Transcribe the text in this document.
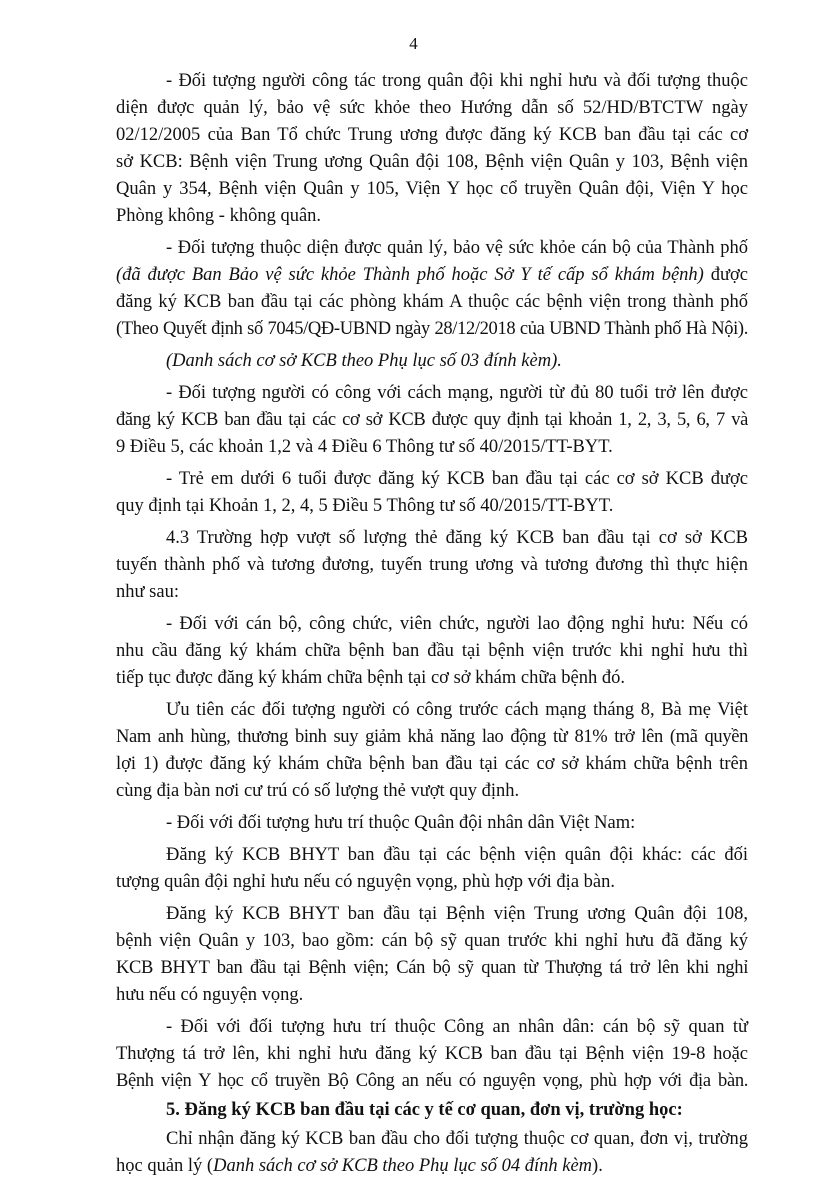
4
- Đối tượng người công tác trong quân đội khi nghỉ hưu và đối tượng thuộc
diện được quản lý, bảo vệ sức khỏe theo Hướng dẫn số 52/HD/BTCTW ngày
02/12/2005 của Ban Tổ chức Trung ương được đăng ký KCB ban đầu tại các cơ
sở KCB: Bệnh viện Trung ương Quân đội 108, Bệnh viện Quân y 103, Bệnh viện
Quân y 354, Bệnh viện Quân y 105, Viện Y học cổ truyền Quân đội, Viện Y học
Phòng không - không quân.
- Đối tượng thuộc diện được quản lý, bảo vệ sức khỏe cán bộ của Thành phố
(đã được Ban Bảo vệ sức khỏe Thành phố hoặc Sở Y tế cấp sổ khám bệnh) được
đăng ký KCB ban đầu tại các phòng khám A thuộc các bệnh viện trong thành phố
(Theo Quyết định số 7045/QĐ-UBND ngày 28/12/2018 của UBND Thành phố Hà Nội).
(Danh sách cơ sở KCB theo Phụ lục số 03 đính kèm).
- Đối tượng người có công với cách mạng, người từ đủ 80 tuổi trở lên được
đăng ký KCB ban đầu tại các cơ sở KCB được quy định tại khoản 1, 2, 3, 5, 6, 7 và
9 Điều 5, các khoản 1,2 và 4 Điều 6 Thông tư số 40/2015/TT-BYT.
- Trẻ em dưới 6 tuổi được đăng ký KCB ban đầu tại các cơ sở KCB được
quy định tại Khoản 1, 2, 4, 5 Điều 5 Thông tư số 40/2015/TT-BYT.
4.3 Trường hợp vượt số lượng thẻ đăng ký KCB ban đầu tại cơ sở KCB
tuyến thành phố và tương đương, tuyến trung ương và tương đương thì thực hiện
như sau:
- Đối với cán bộ, công chức, viên chức, người lao động nghỉ hưu: Nếu có
nhu cầu đăng ký khám chữa bệnh ban đầu tại bệnh viện trước khi nghỉ hưu thì
tiếp tục được đăng ký khám chữa bệnh tại cơ sở khám chữa bệnh đó.
Ưu tiên các đối tượng người có công trước cách mạng tháng 8, Bà mẹ Việt
Nam anh hùng, thương binh suy giảm khả năng lao động từ 81% trở lên (mã quyền
lợi 1) được đăng ký khám chữa bệnh ban đầu tại các cơ sở khám chữa bệnh trên
cùng địa bàn nơi cư trú có số lượng thẻ vượt quy định.
- Đối với đối tượng hưu trí thuộc Quân đội nhân dân Việt Nam:
Đăng ký KCB BHYT ban đầu tại các bệnh viện quân đội khác: các đối
tượng quân đội nghỉ hưu nếu có nguyện vọng, phù hợp với địa bàn.
Đăng ký KCB BHYT ban đầu tại Bệnh viện Trung ương Quân đội 108,
bệnh viện Quân y 103, bao gồm: cán bộ sỹ quan trước khi nghỉ hưu đã đăng ký
KCB BHYT ban đầu tại Bệnh viện; Cán bộ sỹ quan từ Thượng tá trở lên khi nghỉ
hưu nếu có nguyện vọng.
- Đối với đối tượng hưu trí thuộc Công an nhân dân: cán bộ sỹ quan từ
Thượng tá trở lên, khi nghỉ hưu đăng ký KCB ban đầu tại Bệnh viện 19-8 hoặc
Bệnh viện Y học cổ truyền Bộ Công an nếu có nguyện vọng, phù hợp với địa bàn.
5. Đăng ký KCB ban đầu tại các y tế cơ quan, đơn vị, trường học:
Chỉ nhận đăng ký KCB ban đầu cho đối tượng thuộc cơ quan, đơn vị, trường
học quản lý (Danh sách cơ sở KCB theo Phụ lục số 04 đính kèm).
